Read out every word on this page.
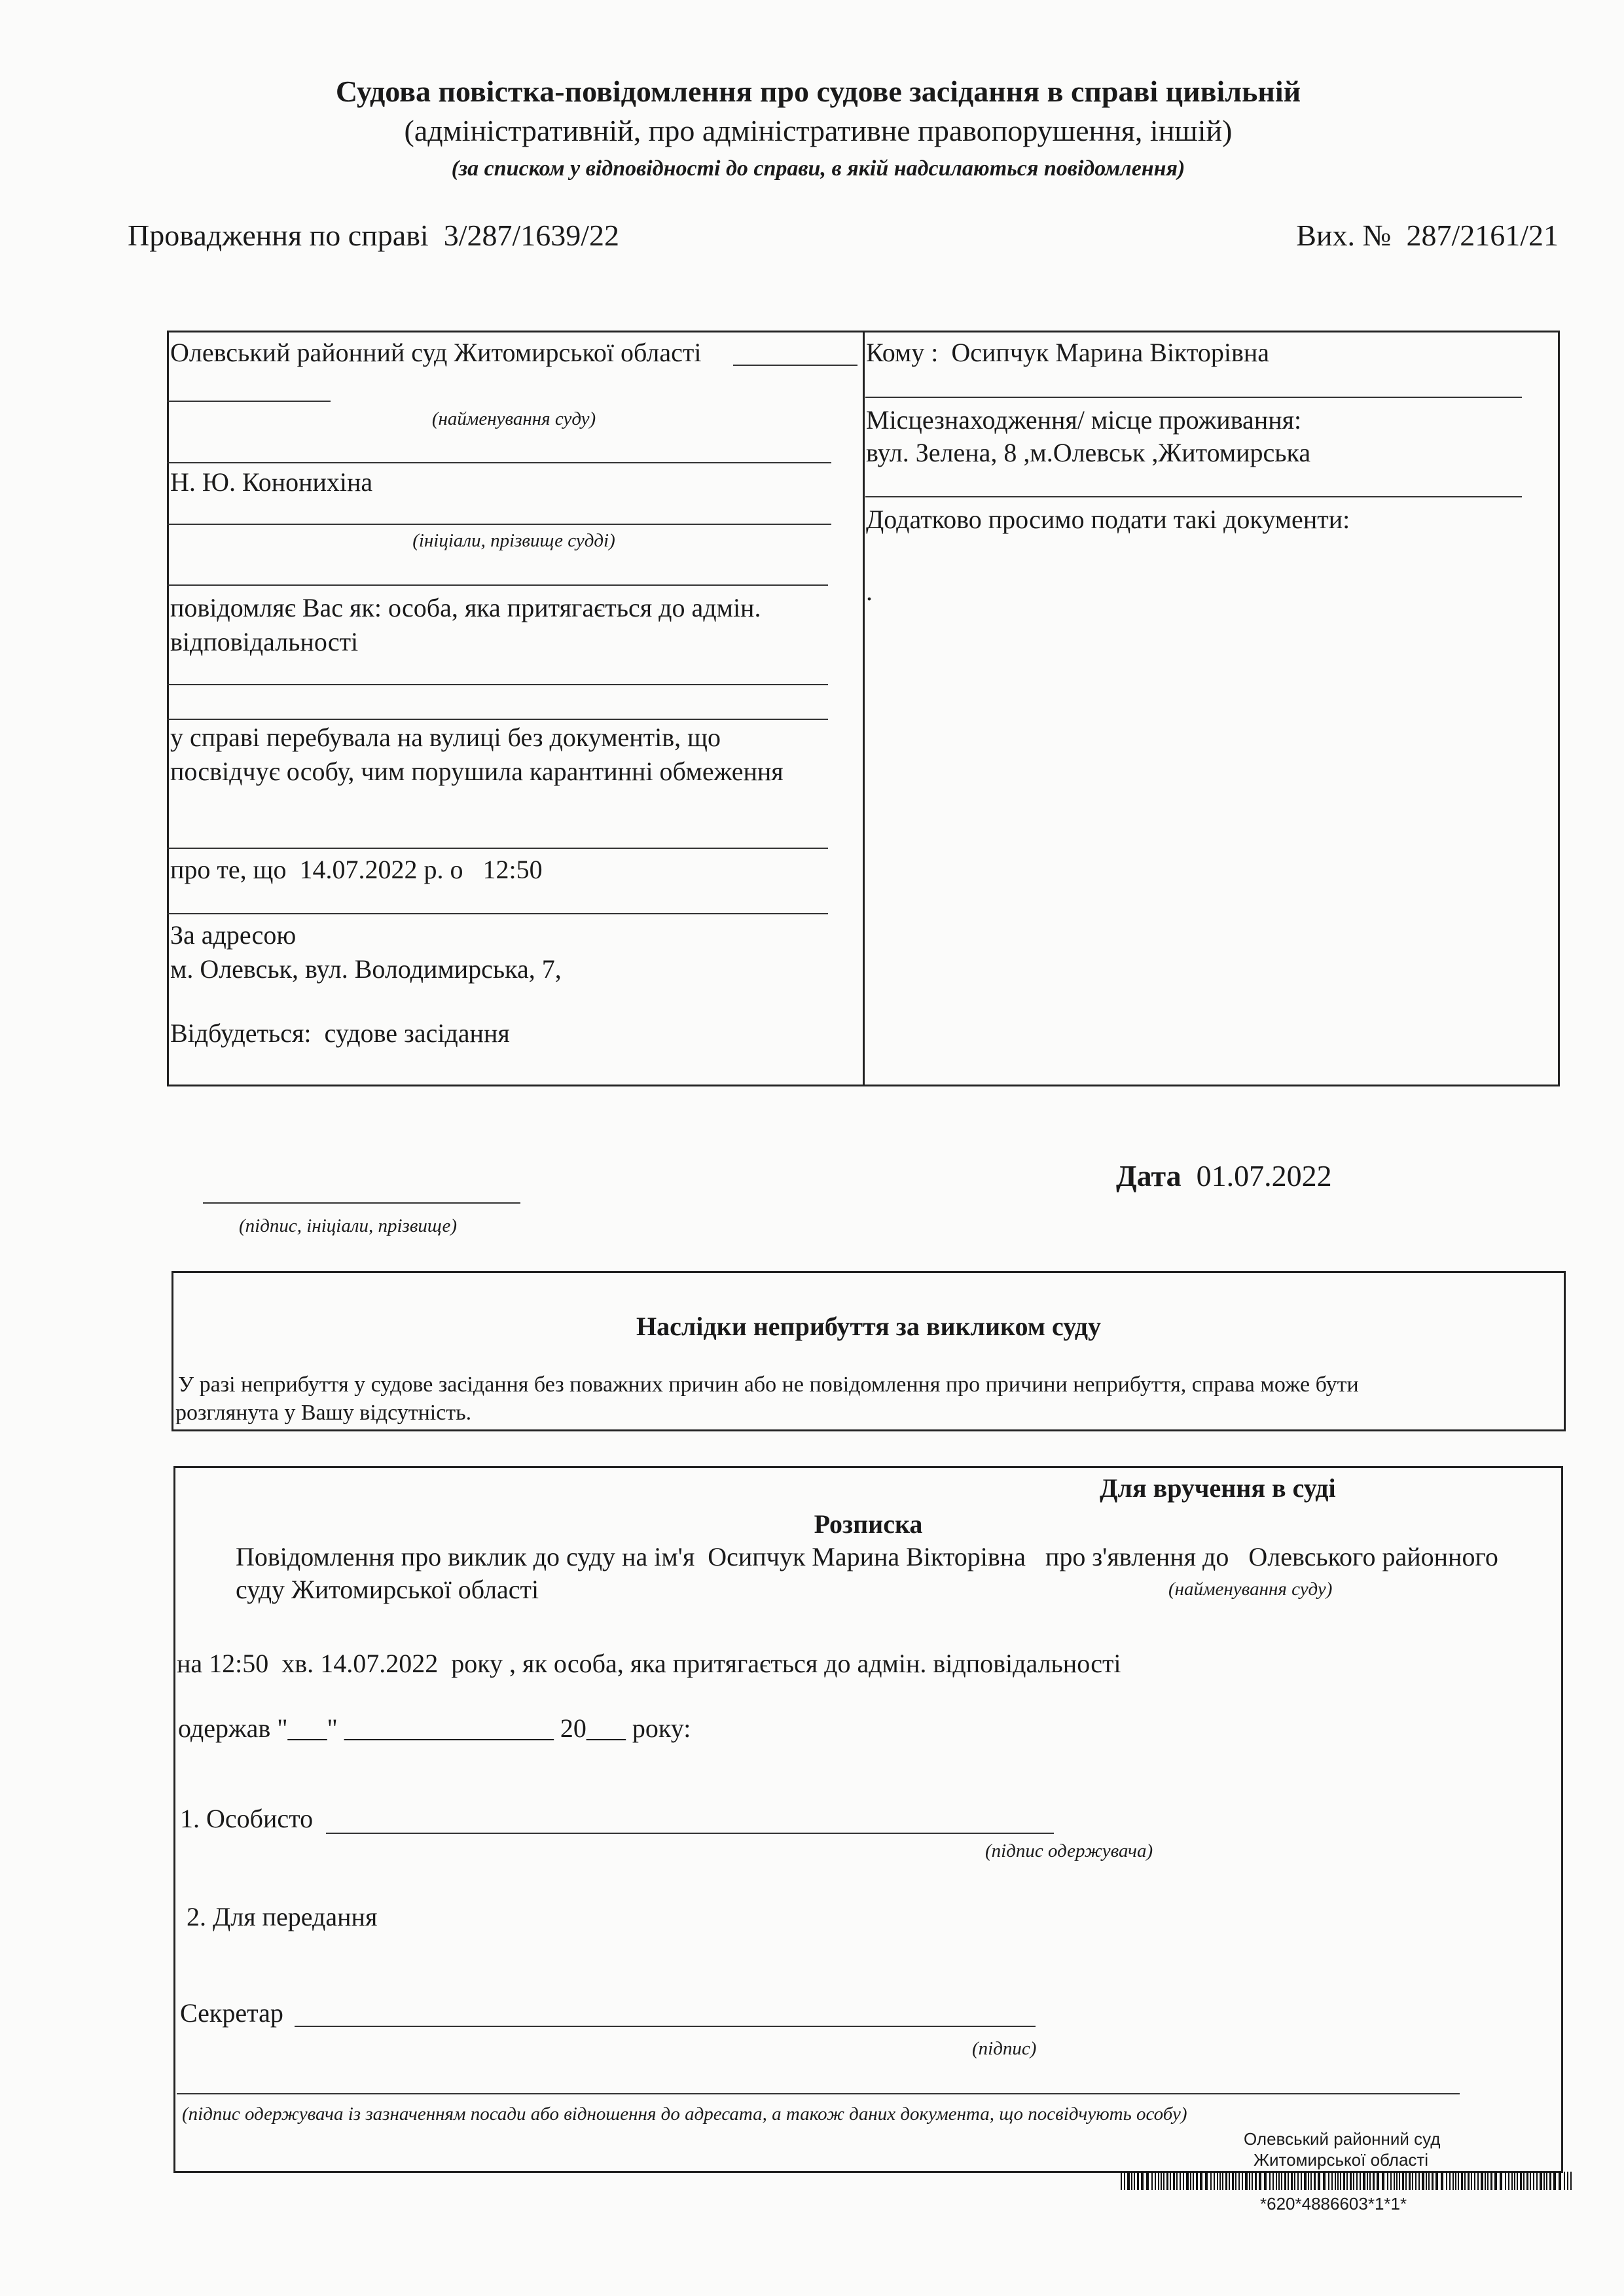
Судова повістка-повідомлення про судове засідання в справі цивільній
(адміністративній, про адміністративне правопорушення, іншій)
(за списком у відповідності до справи, в якій надсилаються повідомлення)
Провадження по справі 3/287/1639/22	Вих. № 287/2161/21
Олевський районний суд Житомирської області
(найменування суду)
Н. Ю. Кононихіна
(ініціали, прізвище судді)
повідомляє Вас як: особа, яка притягається до адмін.
відповідальності
у справі перебувала на вулиці без документів, що
посвідчує особу, чим порушила карантинні обмеження
про те, що 14.07.2022 р. о 12:50
За адресою
м. Олевськ, вул. Володимирська, 7,
Відбудеться: судове засідання
Кому : Осипчук Марина Вікторівна
Місцезнаходження/ місце проживання:
вул. Зелена, 8 ,м.Олевськ ,Житомирська
Додатково просимо подати такі документи:
.
(підпис, ініціали, прізвище)
Дата 01.07.2022
Наслідки неприбуття за викликом суду
У разі неприбуття у судове засідання без поважних причин або не повідомлення про причини неприбуття, справа може бути
розглянута у Вашу відсутність.
Для вручення в суді
Розписка
Повідомлення про виклик до суду на ім'я Осипчук Марина Вікторівна про з'явлення до Олевського районного
суду Житомирської області	(найменування суду)
на 12:50 хв. 14.07.2022 року , як особа, яка притягається до адмін. відповідальності
одержав "___" ________________ 20___ року:
1. Особисто
(підпис одержувача)
2. Для передання
Секретар
(підпис)
(підпис одержувача із зазначенням посади або відношення до адресата, а також даних документа, що посвідчують особу)
Олевський районний суд
Житомирської області
*620*4886603*1*1*
